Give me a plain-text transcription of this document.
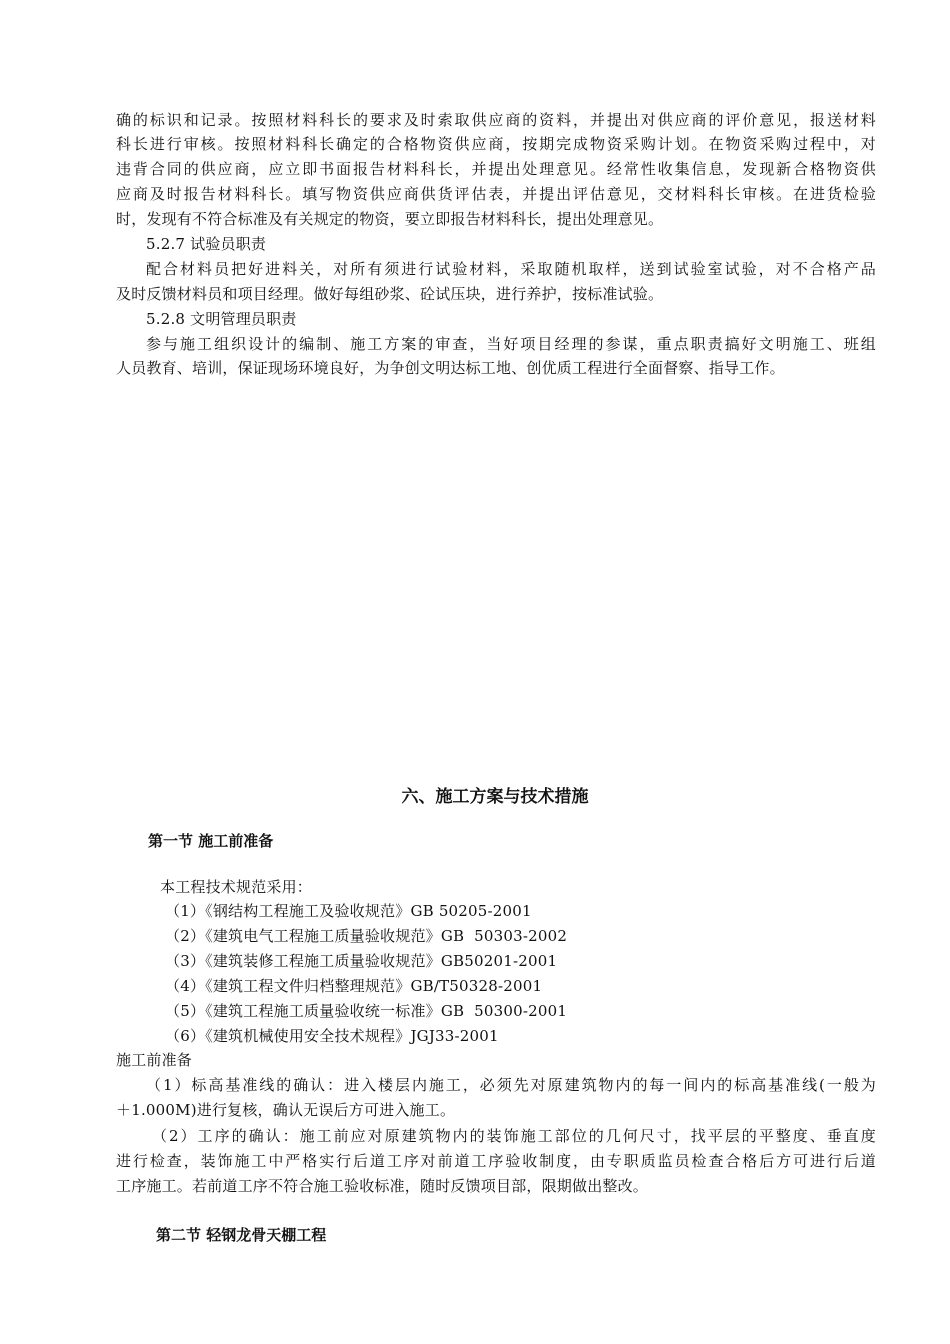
确的标识和记录。按照材料科长的要求及时索取供应商的资料，并提出对供应商的评价意见，报送材料
科长进行审核。按照材料科长确定的合格物资供应商，按期完成物资采购计划。在物资采购过程中，对
违背合同的供应商，应立即书面报告材料科长，并提出处理意见。经常性收集信息，发现新合格物资供
应商及时报告材料科长。填写物资供应商供货评估表，并提出评估意见，交材料科长审核。在进货检验
时，发现有不符合标准及有关规定的物资，要立即报告材料科长，提出处理意见。
5.2.7 试验员职责
配合材料员把好进料关，对所有须进行试验材料，采取随机取样，送到试验室试验，对不合格产品
及时反馈材料员和项目经理。做好每组砂浆、砼试压块，进行养护，按标准试验。
5.2.8 文明管理员职责
参与施工组织设计的编制、施工方案的审查，当好项目经理的参谋，重点职责搞好文明施工、班组
人员教育、培训，保证现场环境良好，为争创文明达标工地、创优质工程进行全面督察、指导工作。
六、施工方案与技术措施
第一节 施工前准备
本工程技术规范采用：
（1）《钢结构工程施工及验收规范》GB 50205-2001
（2）《建筑电气工程施工质量验收规范》GB  50303-2002
（3）《建筑装修工程施工质量验收规范》GB50201-2001
（4）《建筑工程文件归档整理规范》GB/T50328-2001
（5）《建筑工程施工质量验收统一标准》GB  50300-2001
（6）《建筑机械使用安全技术规程》JGJ33-2001
施工前准备
（1）标高基准线的确认：进入楼层内施工，必须先对原建筑物内的每一间内的标高基准线(一般为
＋1.000M)进行复核，确认无误后方可进入施工。
（2）工序的确认：施工前应对原建筑物内的装饰施工部位的几何尺寸，找平层的平整度、垂直度
进行检查，装饰施工中严格实行后道工序对前道工序验收制度，由专职质监员检查合格后方可进行后道
工序施工。若前道工序不符合施工验收标准，随时反馈项目部，限期做出整改。
第二节 轻钢龙骨天棚工程
